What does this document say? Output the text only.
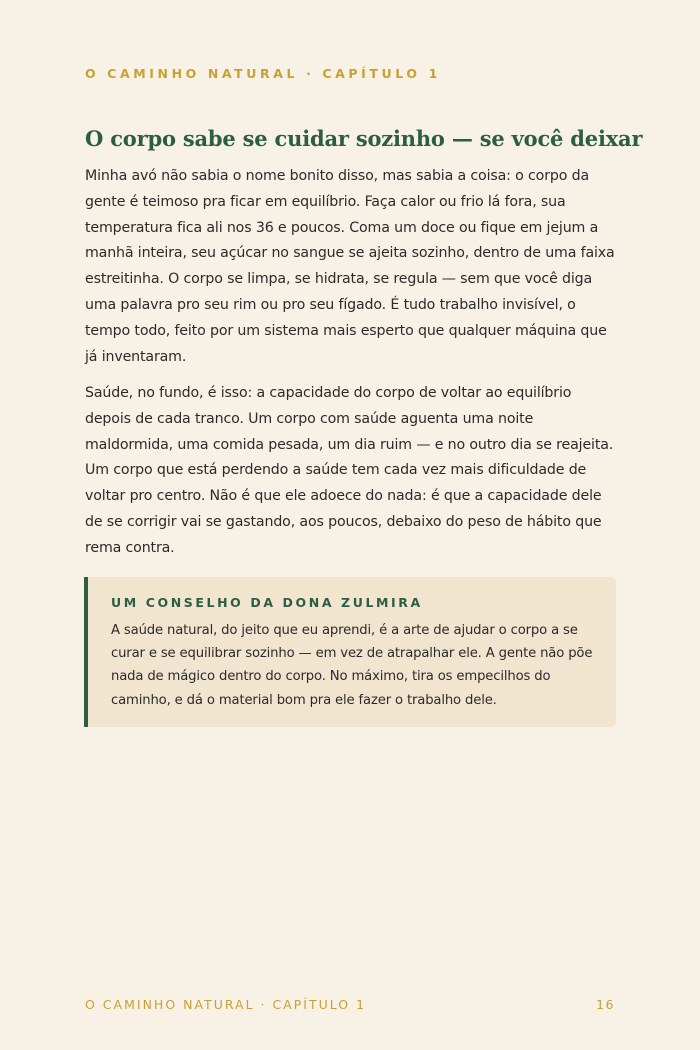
O CAMINHO NATURAL · CAPÍTULO 1
O corpo sabe se cuidar sozinho — se você deixar

Minha avó não sabia o nome bonito disso, mas sabia a coisa: o corpo da gente é teimoso pra ficar em equilíbrio. Faça calor ou frio lá fora, sua temperatura fica ali nos 36 e poucos. Coma um doce ou fique em jejum a manhã inteira, seu açúcar no sangue se ajeita sozinho, dentro de uma faixa estreitinha. O corpo se limpa, se hidrata, se regula — sem que você diga uma palavra pro seu rim ou pro seu fígado. É tudo trabalho invisível, o tempo todo, feito por um sistema mais esperto que qualquer máquina que já inventaram.

Saúde, no fundo, é isso: a capacidade do corpo de voltar ao equilíbrio depois de cada tranco. Um corpo com saúde aguenta uma noite maldormida, uma comida pesada, um dia ruim — e no outro dia se reajeita. Um corpo que está perdendo a saúde tem cada vez mais dificuldade de voltar pro centro. Não é que ele adoece do nada: é que a capacidade dele de se corrigir vai se gastando, aos poucos, debaixo do peso de hábito que rema contra.

UM CONSELHO DA DONA ZULMIRA

A saúde natural, do jeito que eu aprendi, é a arte de ajudar o corpo a se curar e se equilibrar sozinho — em vez de atrapalhar ele. A gente não põe nada de mágico dentro do corpo. No máximo, tira os empecilhos do caminho, e dá o material bom pra ele fazer o trabalho dele.

O CAMINHO NATURAL · CAPÍTULO 1	16
